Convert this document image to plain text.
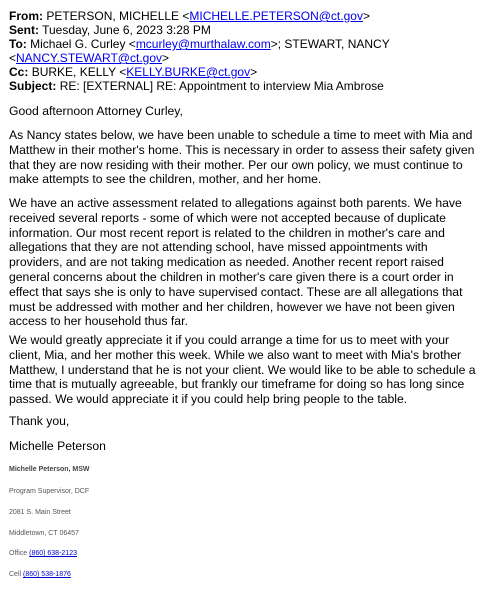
From: PETERSON, MICHELLE <MICHELLE.PETERSON@ct.gov>
Sent: Tuesday, June 6, 2023 3:28 PM
To: Michael G. Curley <mcurley@murthalaw.com>; STEWART, NANCY
<NANCY.STEWART@ct.gov>
Cc: BURKE, KELLY <KELLY.BURKE@ct.gov>
Subject: RE: [EXTERNAL] RE: Appointment to interview Mia Ambrose

Good afternoon Attorney Curley,

As Nancy states below, we have been unable to schedule a time to meet with Mia and Matthew in their mother's home. This is necessary in order to assess their safety given that they are now residing with their mother. Per our own policy, we must continue to make attempts to see the children, mother, and her home.

We have an active assessment related to allegations against both parents. We have received several reports - some of which were not accepted because of duplicate information. Our most recent report is related to the children in mother's care and allegations that they are not attending school, have missed appointments with providers, and are not taking medication as needed. Another recent report raised general concerns about the children in mother's care given there is a court order in effect that says she is only to have supervised contact. These are all allegations that must be addressed with mother and her children, however we have not been given access to her household thus far.

We would greatly appreciate it if you could arrange a time for us to meet with your client, Mia, and her mother this week. While we also want to meet with Mia's brother Matthew, I understand that he is not your client. We would like to be able to schedule a time that is mutually agreeable, but frankly our timeframe for doing so has long since passed. We would appreciate it if you could help bring people to the table.

Thank you,

Michelle Peterson

Michelle Peterson, MSW
Program Supervisor, DCF
2081 S. Main Street
Middletown, CT 06457
Office (860) 638-2123
Cell (860) 538-1876
